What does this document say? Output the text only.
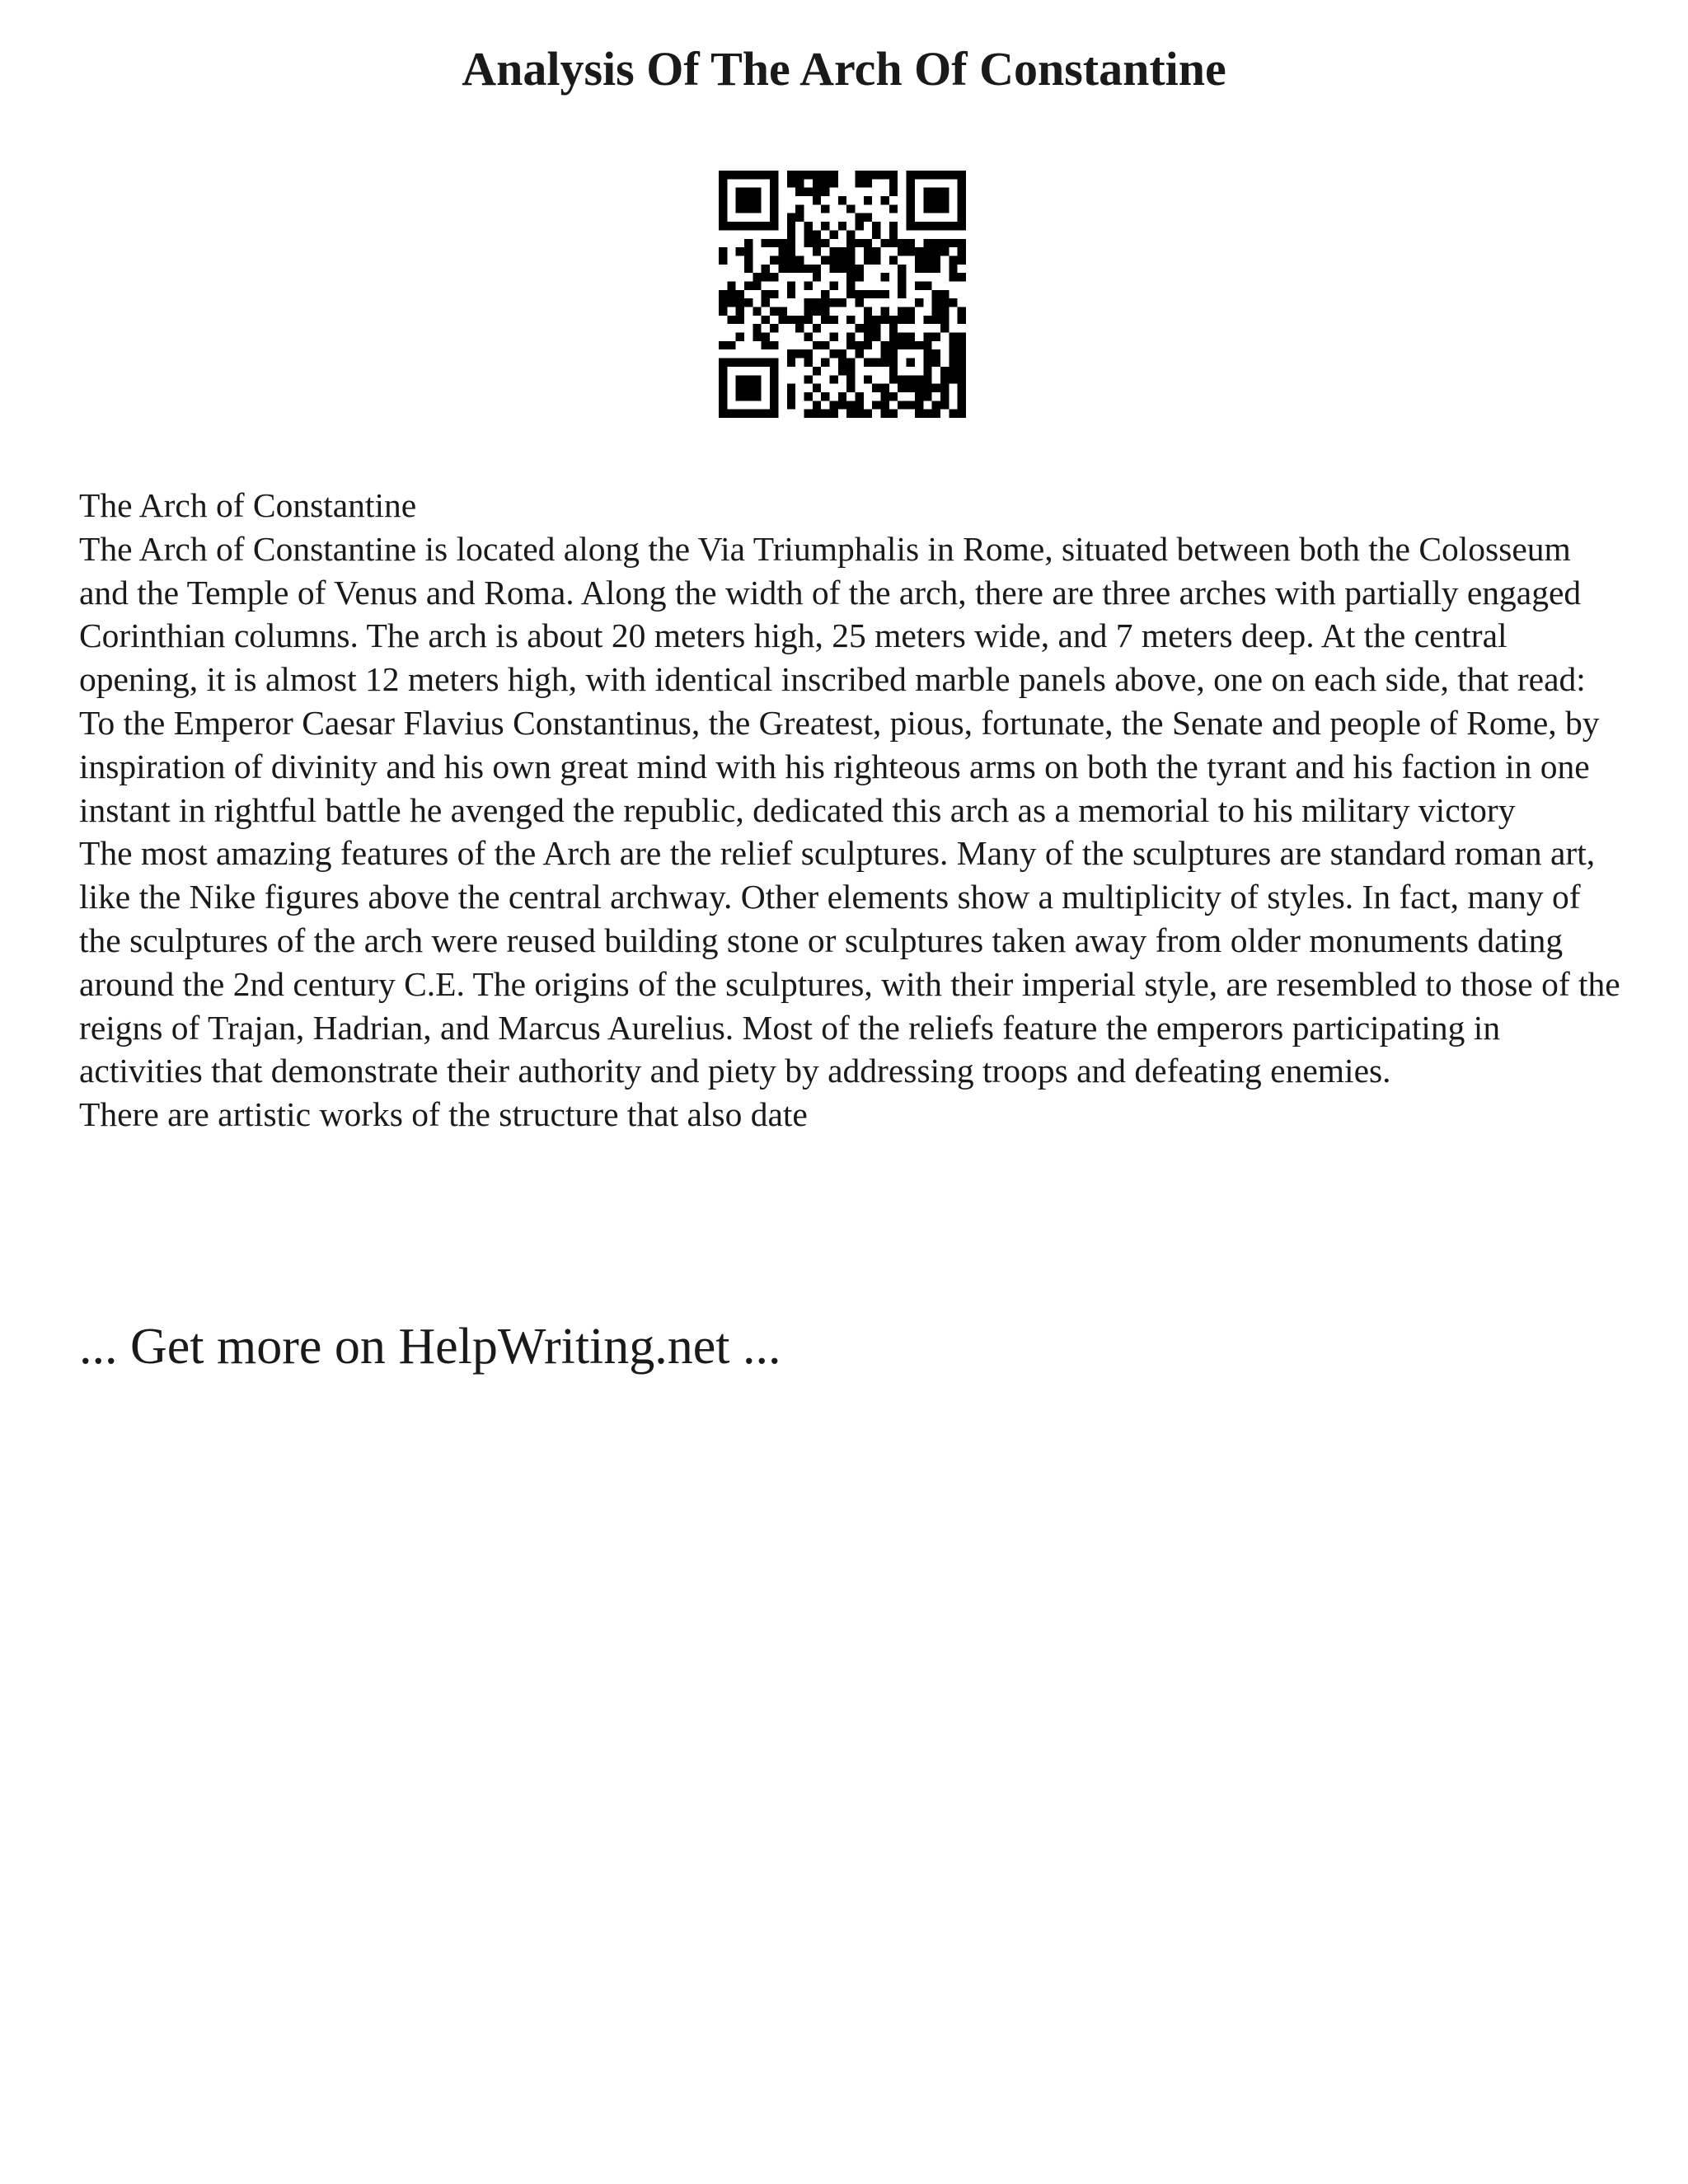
Analysis Of The Arch Of Constantine

The Arch of Constantine

The Arch of Constantine is located along the Via Triumphalis in Rome, situated between both the Colosseum and the Temple of Venus and Roma. Along the width of the arch, there are three arches with partially engaged Corinthian columns. The arch is about 20 meters high, 25 meters wide, and 7 meters deep. At the central opening, it is almost 12 meters high, with identical inscribed marble panels above, one on each side, that read:

To the Emperor Caesar Flavius Constantinus, the Greatest, pious, fortunate, the Senate and people of Rome, by inspiration of divinity and his own great mind with his righteous arms on both the tyrant and his faction in one instant in rightful battle he avenged the republic, dedicated this arch as a memorial to his military victory

The most amazing features of the Arch are the relief sculptures. Many of the sculptures are standard roman art, like the Nike figures above the central archway. Other elements show a multiplicity of styles. In fact, many of the sculptures of the arch were reused building stone or sculptures taken away from older monuments dating around the 2nd century C.E. The origins of the sculptures, with their imperial style, are resembled to those of the reigns of Trajan, Hadrian, and Marcus Aurelius. Most of the reliefs feature the emperors participating in activities that demonstrate their authority and piety by addressing troops and defeating enemies.

There are artistic works of the structure that also date

... Get more on HelpWriting.net ...
